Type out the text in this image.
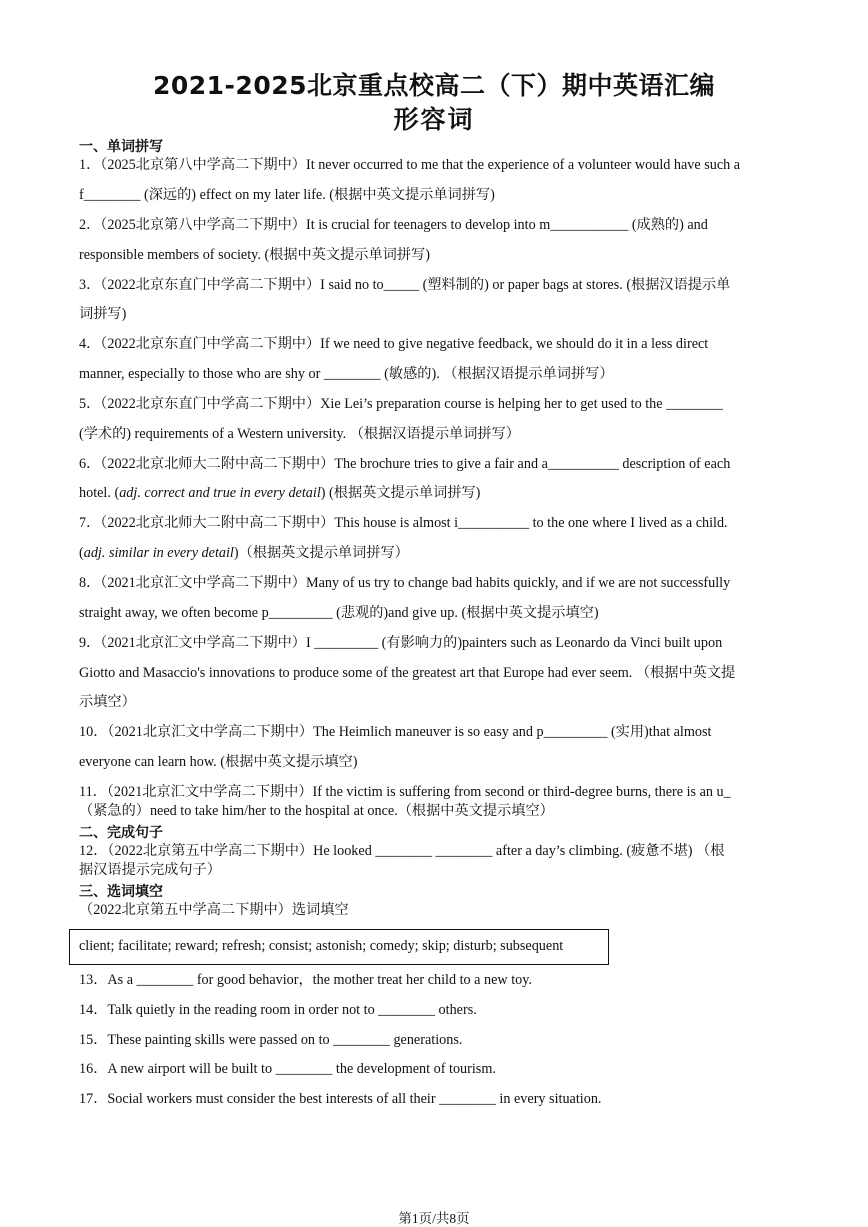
2021-2025北京重点校高二（下）期中英语汇编
形容词
一、单词拼写
1．（2025北京第八中学高二下期中）It never occurred to me that the experience of a volunteer would have such a
f________ (深远的) effect on my later life. (根据中英文提示单词拼写)
2．（2025北京第八中学高二下期中）It is crucial for teenagers to develop into m___________ (成熟的) and
responsible members of society. (根据中英文提示单词拼写)
3．（2022北京东直门中学高二下期中）I said no to_____ (塑料制的) or paper bags at stores. (根据汉语提示单
词拼写)
4．（2022北京东直门中学高二下期中）If we need to give negative feedback, we should do it in a less direct
manner, especially to those who are shy or ________ (敏感的). （根据汉语提示单词拼写）
5．（2022北京东直门中学高二下期中）Xie Lei’s preparation course is helping her to get used to the ________
(学术的) requirements of a Western university. （根据汉语提示单词拼写）
6．（2022北京北师大二附中高二下期中）The brochure tries to give a fair and a__________ description of each
hotel. (adj. correct and true in every detail) (根据英文提示单词拼写)
7．（2022北京北师大二附中高二下期中）This house is almost i__________ to the one where I lived as a child.
(adj. similar in every detail)（根据英文提示单词拼写）
8．（2021北京汇文中学高二下期中）Many of us try to change bad habits quickly, and if we are not successfully
straight away, we often become p_________ (悲观的)and give up. (根据中英文提示填空)
9．（2021北京汇文中学高二下期中）I _________ (有影响力的)painters such as Leonardo da Vinci built upon
Giotto and Masaccio's innovations to produce some of the greatest art that Europe had ever seem. （根据中英文提
示填空）
10．（2021北京汇文中学高二下期中）The Heimlich maneuver is so easy and p_________ (实用)that almost
everyone can learn how. (根据中英文提示填空)
11．（2021北京汇文中学高二下期中）If the victim is suffering from second or third-degree burns, there is an u_
（紧急的）need to take him/her to the hospital at once.（根据中英文提示填空）
二、完成句子
12．（2022北京第五中学高二下期中）He looked ________ ________ after a day’s climbing. (疲惫不堪) （根
据汉语提示完成句子）
三、选词填空
（2022北京第五中学高二下期中）选词填空
client; facilitate; reward; refresh; consist; astonish; comedy; skip; disturb; subsequent
13．As a ________ for good behavior，the mother treat her child to a new toy.
14．Talk quietly in the reading room in order not to ________ others.
15．These painting skills were passed on to ________ generations.
16．A new airport will be built to ________ the development of tourism.
17．Social workers must consider the best interests of all their ________ in every situation.
第1页/共8页
